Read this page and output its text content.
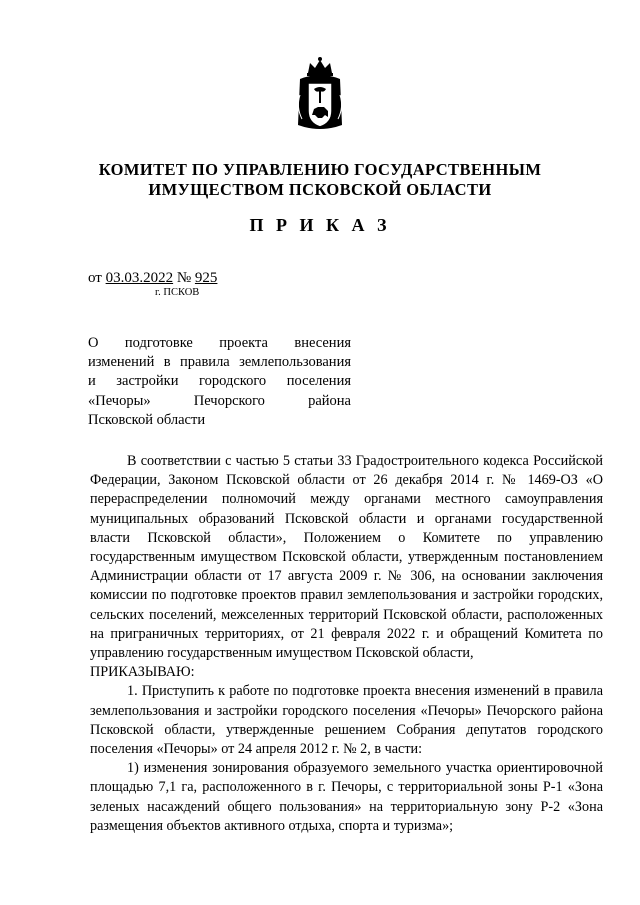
КОМИТЕТ ПО УПРАВЛЕНИЮ ГОСУДАРСТВЕННЫМ
ИМУЩЕСТВОМ ПСКОВСКОЙ ОБЛАСТИ
П Р И К А З
от 03.03.2022 № 925
г. ПСКОВ
О подготовке проекта внесения
изменений в правила землепользования
и застройки городского поселения
«Печоры» Печорского района
Псковской области

В соответствии с частью 5 статьи 33 Градостроительного кодекса Российской Федерации, Законом Псковской области от 26 декабря 2014 г. № 1469-ОЗ «О перераспределении полномочий между органами местного самоуправления муниципальных образований Псковской области и органами государственной власти Псковской области», Положением о Комитете по управлению государственным имуществом Псковской области, утвержденным постановлением Администрации области от 17 августа 2009 г. № 306, на основании заключения комиссии по подготовке проектов правил землепользования и застройки городских, сельских поселений, межселенных территорий Псковской области, расположенных на приграничных территориях, от 21 февраля 2022 г. и обращений Комитета по управлению государственным имуществом Псковской области,

ПРИКАЗЫВАЮ:

1. Приступить к работе по подготовке проекта внесения изменений в правила землепользования и застройки городского поселения «Печоры» Печорского района Псковской области, утвержденные решением Собрания депутатов городского поселения «Печоры» от 24 апреля 2012 г. № 2, в части:

1) изменения зонирования образуемого земельного участка ориентировочной площадью 7,1 га, расположенного в г. Печоры, с территориальной зоны Р-1 «Зона зеленых насаждений общего пользования» на территориальную зону Р-2 «Зона размещения объектов активного отдыха, спорта и туризма»;
